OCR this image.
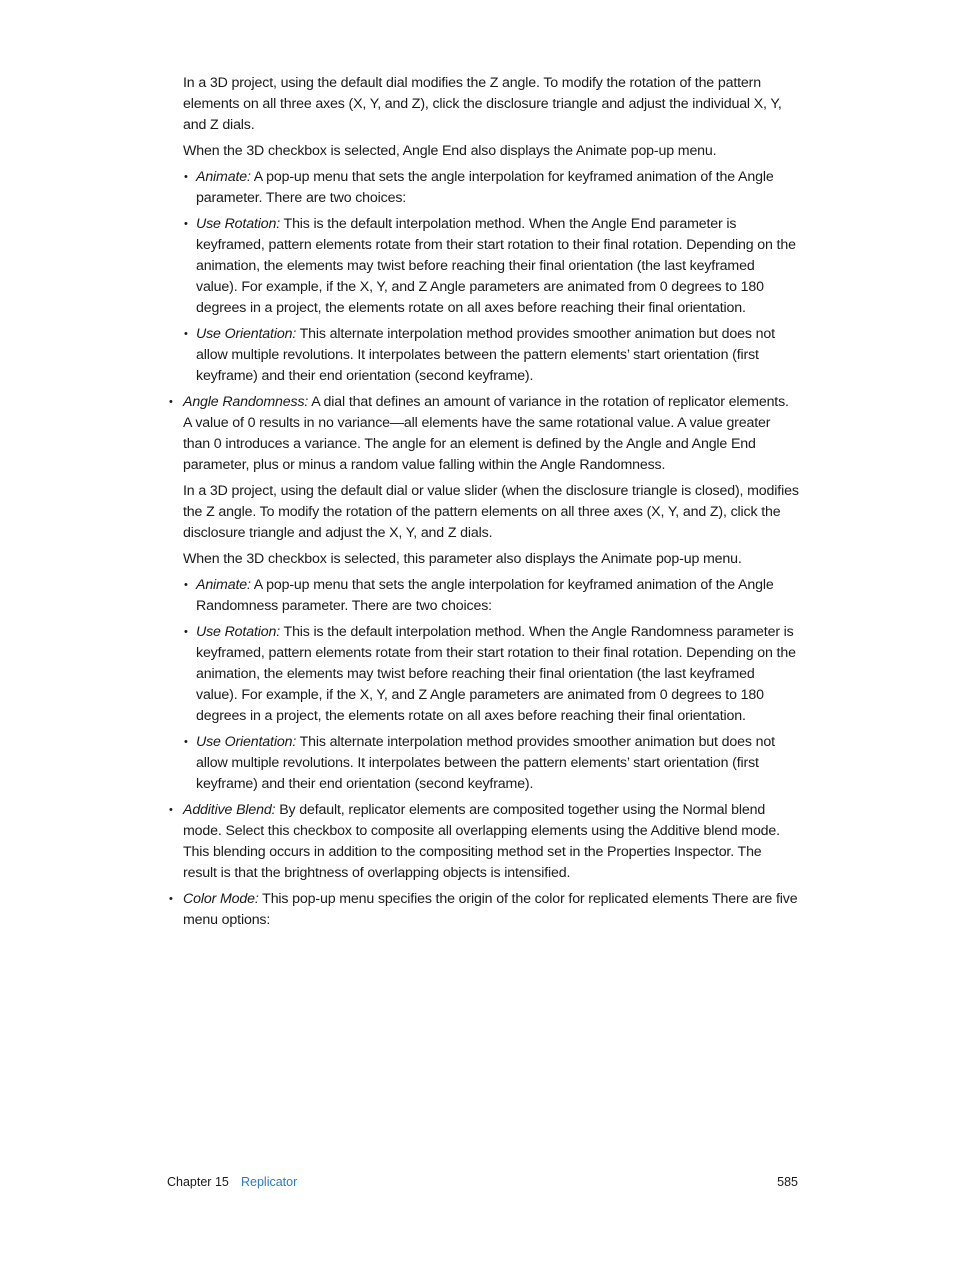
In a 3D project, using the default dial modifies the Z angle. To modify the rotation of the pattern elements on all three axes (X, Y, and Z), click the disclosure triangle and adjust the individual X, Y, and Z dials.

When the 3D checkbox is selected, Angle End also displays the Animate pop-up menu.

• Animate: A pop-up menu that sets the angle interpolation for keyframed animation of the Angle parameter. There are two choices:
• Use Rotation: This is the default interpolation method. When the Angle End parameter is keyframed, pattern elements rotate from their start rotation to their final rotation. Depending on the animation, the elements may twist before reaching their final orientation (the last keyframed value). For example, if the X, Y, and Z Angle parameters are animated from 0 degrees to 180 degrees in a project, the elements rotate on all axes before reaching their final orientation.
• Use Orientation: This alternate interpolation method provides smoother animation but does not allow multiple revolutions. It interpolates between the pattern elements’ start orientation (first keyframe) and their end orientation (second keyframe).
• Angle Randomness: A dial that defines an amount of variance in the rotation of replicator elements. A value of 0 results in no variance—all elements have the same rotational value. A value greater than 0 introduces a variance. The angle for an element is defined by the Angle and Angle End parameter, plus or minus a random value falling within the Angle Randomness.

In a 3D project, using the default dial or value slider (when the disclosure triangle is closed), modifies the Z angle. To modify the rotation of the pattern elements on all three axes (X, Y, and Z), click the disclosure triangle and adjust the X, Y, and Z dials.

When the 3D checkbox is selected, this parameter also displays the Animate pop-up menu.

• Animate: A pop-up menu that sets the angle interpolation for keyframed animation of the Angle Randomness parameter. There are two choices:
• Use Rotation: This is the default interpolation method. When the Angle Randomness parameter is keyframed, pattern elements rotate from their start rotation to their final rotation. Depending on the animation, the elements may twist before reaching their final orientation (the last keyframed value). For example, if the X, Y, and Z Angle parameters are animated from 0 degrees to 180 degrees in a project, the elements rotate on all axes before reaching their final orientation.
• Use Orientation: This alternate interpolation method provides smoother animation but does not allow multiple revolutions. It interpolates between the pattern elements’ start orientation (first keyframe) and their end orientation (second keyframe).
• Additive Blend: By default, replicator elements are composited together using the Normal blend mode. Select this checkbox to composite all overlapping elements using the Additive blend mode. This blending occurs in addition to the compositing method set in the Properties Inspector. The result is that the brightness of overlapping objects is intensified.
• Color Mode: This pop-up menu specifies the origin of the color for replicated elements There are five menu options:
Chapter 15 Replicator	585
